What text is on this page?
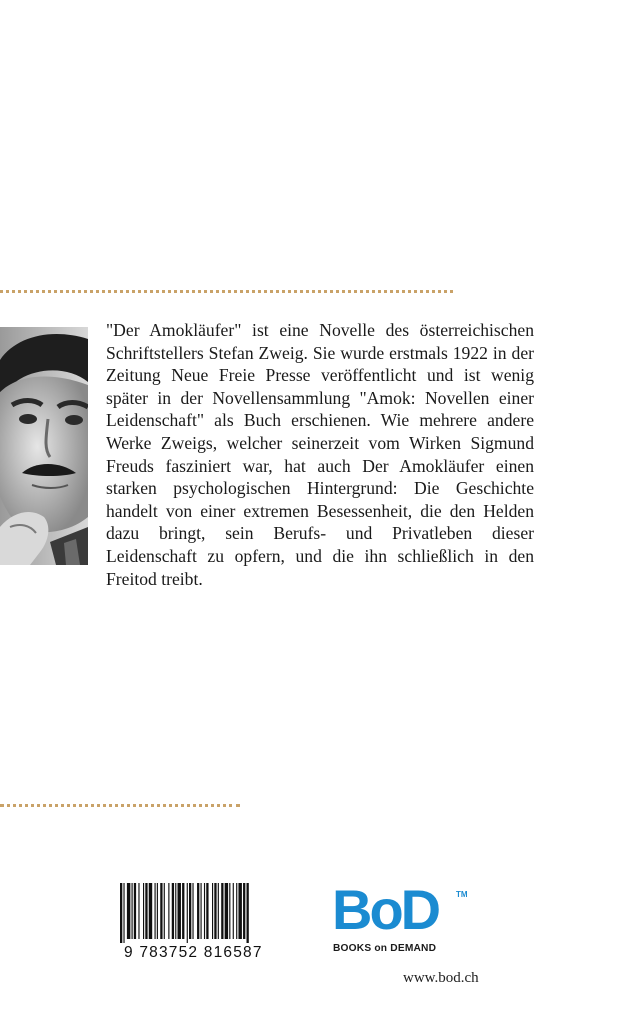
"Der Amokläufer" ist eine Novelle des österreichischen Schriftstellers Stefan Zweig. Sie wurde erstmals 1922 in der Zeitung Neue Freie Presse veröffentlicht und ist wenig später in der Novellensammlung "Amok: Novellen einer Leidenschaft" als Buch erschienen. Wie mehrere andere Werke Zweigs, welcher seinerzeit vom Wirken Sigmund Freuds fasziniert war, hat auch Der Amokläufer einen starken psychologischen Hintergrund: Die Geschichte handelt von einer extremen Besessenheit, die den Helden dazu bringt, sein Berufs- und Privatleben dieser Leidenschaft zu opfern, und die ihn schließlich in den Freitod treibt.

9 783752 816587
BoD TM
BOOKS on DEMAND
www.bod.ch
